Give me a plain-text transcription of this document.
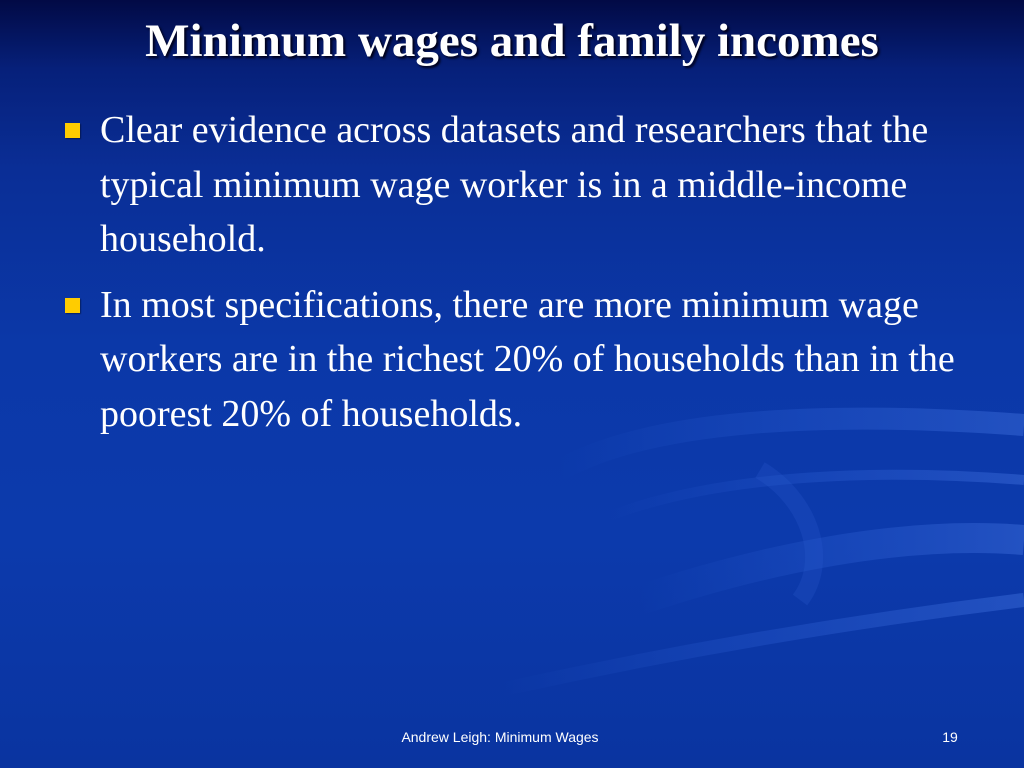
Minimum wages and family incomes
Clear evidence across datasets and researchers that the typical minimum wage worker is in a middle-income household.
In most specifications, there are more minimum wage workers are in the richest 20% of households than in the poorest 20% of households.
Andrew Leigh: Minimum Wages	19
